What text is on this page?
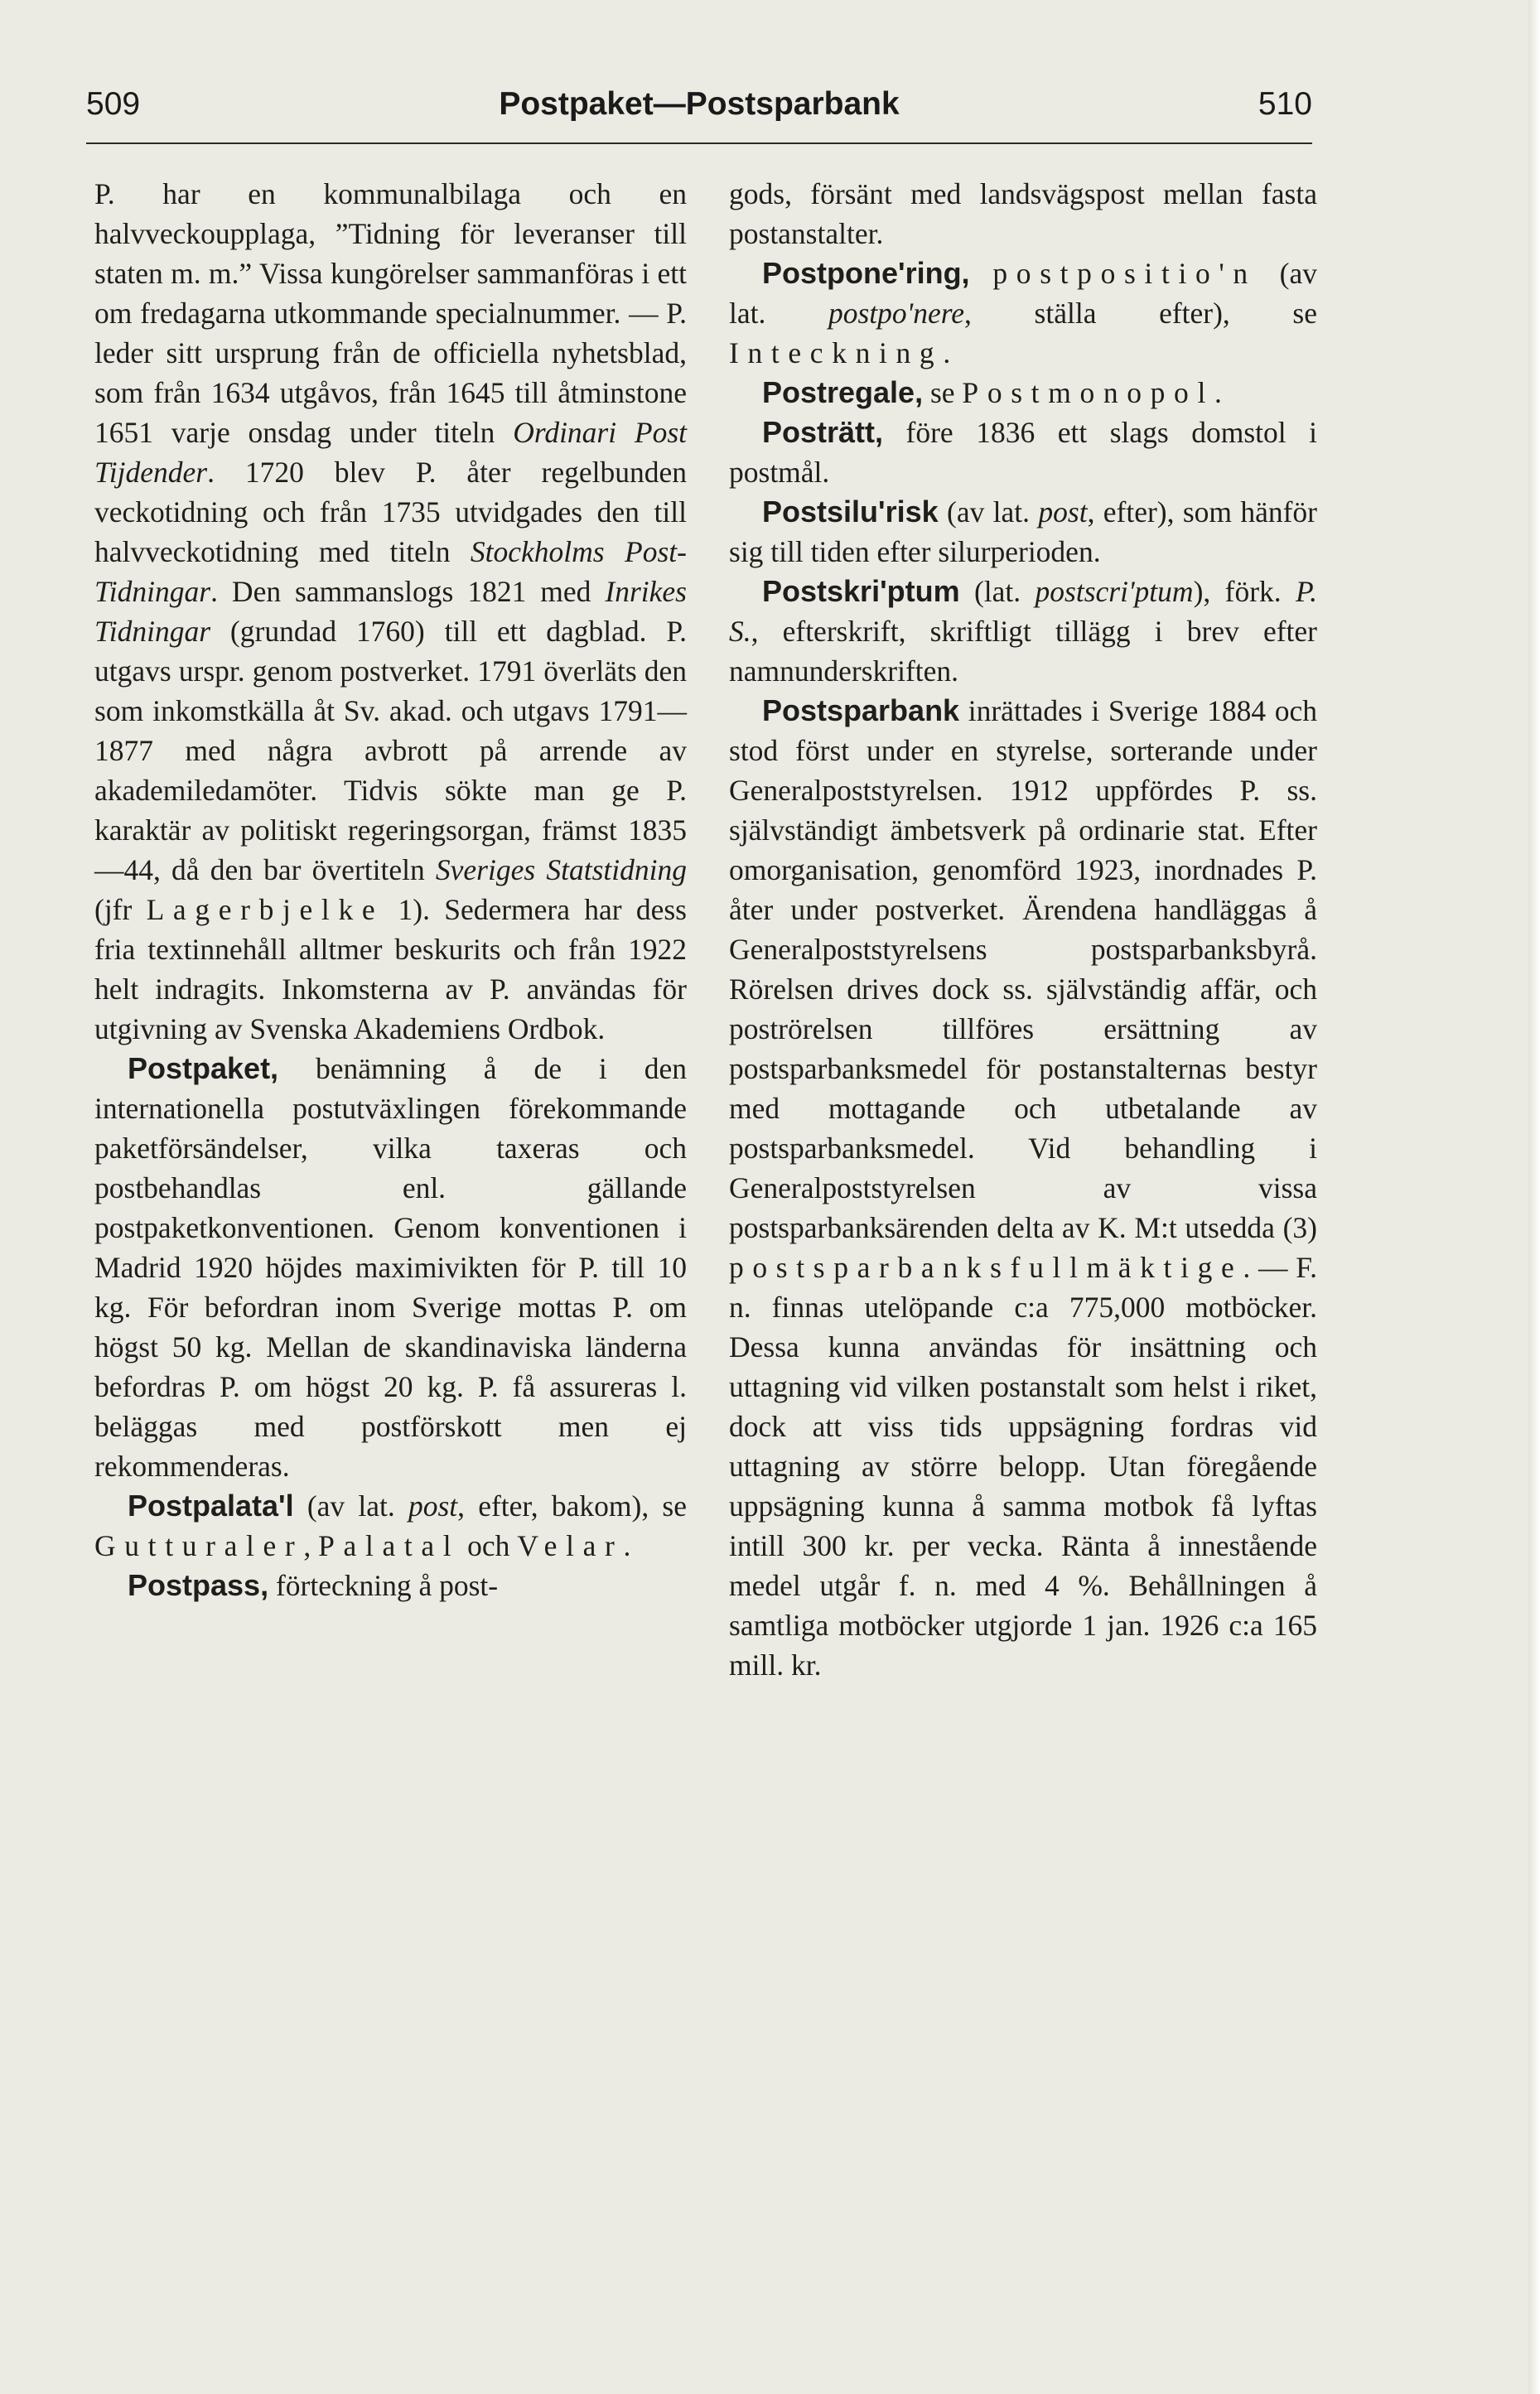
509	Postpaket—Postsparbank	510

P. har en kommunalbilaga och en halvveckoupplaga, ”Tidning för leveranser till staten m. m.” Vissa kungörelser sammanföras i ett om fredagarna utkommande specialnummer. — P. leder sitt ursprung från de officiella nyhetsblad, som från 1634 utgåvos, från 1645 till åtminstone 1651 varje onsdag under titeln Ordinari Post Tijdender. 1720 blev P. åter regelbunden veckotidning och från 1735 utvidgades den till halvveckotidning med titeln Stockholms Post-Tidningar. Den sammanslogs 1821 med Inrikes Tidningar (grundad 1760) till ett dagblad. P. utgavs urspr. genom postverket. 1791 överläts den som inkomstkälla åt Sv. akad. och utgavs 1791—1877 med några avbrott på arrende av akademiledamöter. Tidvis sökte man ge P. karaktär av politiskt regeringsorgan, främst 1835—44, då den bar övertiteln Sveriges Statstidning (jfr Lagerbjelke 1). Sedermera har dess fria textinnehåll alltmer beskurits och från 1922 helt indragits. Inkomsterna av P. användas för utgivning av Svenska Akademiens Ordbok.

Postpaket, benämning å de i den internationella postutväxlingen förekommande paketförsändelser, vilka taxeras och postbehandlas enl. gällande postpaketkonventionen. Genom konventionen i Madrid 1920 höjdes maximivikten för P. till 10 kg. För befordran inom Sverige mottas P. om högst 50 kg. Mellan de skandinaviska länderna befordras P. om högst 20 kg. P. få assureras l. beläggas med postförskott men ej rekommenderas.

Postpalata'l (av lat. post, efter, bakom), se Gutturaler, Palatal och Velar.

Postpass, förteckning å post-

gods, försänt med landsvägspost mellan fasta postanstalter.

Postpone'ring, postpositio'n (av lat. postpo'nere, ställa efter), se Inteckning.

Postregale, se Postmonopol.

Posträtt, före 1836 ett slags domstol i postmål.

Postsilu'risk (av lat. post, efter), som hänför sig till tiden efter silurperioden.

Postskri'ptum (lat. postscri'ptum), förk. P. S., efterskrift, skriftligt tillägg i brev efter namnunderskriften.

Postsparbank inrättades i Sverige 1884 och stod först under en styrelse, sorterande under Generalpoststyrelsen. 1912 uppfördes P. ss. självständigt ämbetsverk på ordinarie stat. Efter omorganisation, genomförd 1923, inordnades P. åter under postverket. Ärendena handläggas å Generalpoststyrelsens postsparbanksbyrå. Rörelsen drives dock ss. självständig affär, och poströrelsen tillföres ersättning av postsparbanksmedel för postanstalternas bestyr med mottagande och utbetalande av postsparbanksmedel. Vid behandling i Generalpoststyrelsen av vissa postsparbanksärenden delta av K. M:t utsedda (3) postsparbanksfullmäktige. — F. n. finnas utelöpande c:a 775,000 motböcker. Dessa kunna användas för insättning och uttagning vid vilken postanstalt som helst i riket, dock att viss tids uppsägning fordras vid uttagning av större belopp. Utan föregående uppsägning kunna å samma motbok få lyftas intill 300 kr. per vecka. Ränta å innestående medel utgår f. n. med 4 %. Behållningen å samtliga motböcker utgjorde 1 jan. 1926 c:a 165 mill. kr.
